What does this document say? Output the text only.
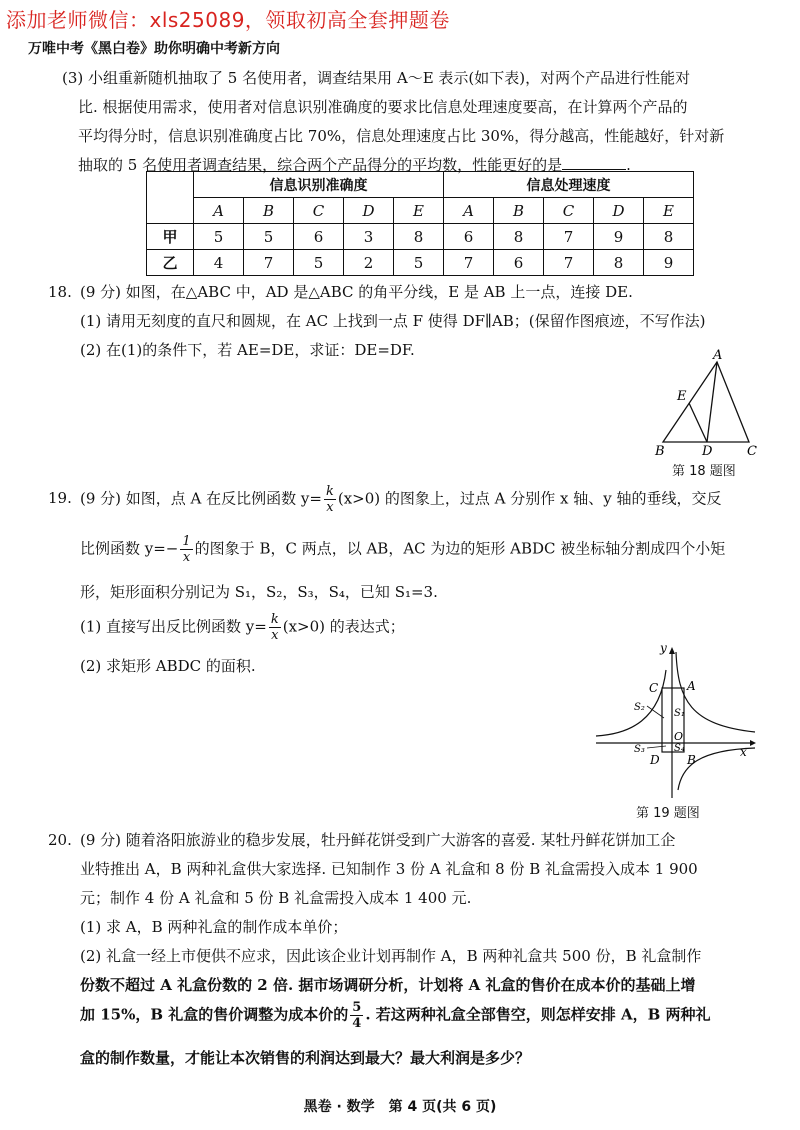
添加老师微信：xls25089，领取初高全套押题卷
万唯中考《黑白卷》助你明确中考新方向
(3) 小组重新随机抽取了 5 名使用者，调查结果用 A～E 表示(如下表)，对两个产品进行性能对
比. 根据使用需求，使用者对信息识别准确度的要求比信息处理速度要高，在计算两个产品的
平均得分时，信息识别准确度占比 70%，信息处理速度占比 30%，得分越高，性能越好，针对新
抽取的 5 名使用者调查结果，综合两个产品得分的平均数，性能更好的是	.
	信息识别准确度					信息处理速度				
	A	B	C	D	E	A	B	C	D	E
甲	5	5	6	3	8	6	8	7	9	8
乙	4	7	5	2	5	7	6	7	8	9
18. (9 分) 如图，在△ABC 中，AD 是△ABC 的角平分线，E 是 AB 上一点，连接 DE.
(1) 请用无刻度的直尺和圆规，在 AC 上找到一点 F 使得 DF∥AB；(保留作图痕迹，不写作法)
(2) 在(1)的条件下，若 AE=DE，求证：DE=DF.	A
E
B	D	C
第 18 题图
19. (9 分) 如图，点 A 在反比例函数 $y= \frac{k}{x} (x>0)$ 的图象上，过点 A 分别作 x 轴、y 轴的垂线，交反
比例函数 $y=- \frac{1}{x}$ 的图象于 B，C 两点，以 AB，AC 为边的矩形 ABDC 被坐标轴分割成四个小矩
形，矩形面积分别记为 S₁，S₂，S₃，S₄，已知 S₁=3.
(1) 直接写出反比例函数 $y= \frac{k}{x} (x>0)$ 的表达式；
(2) 求矩形 ABDC 的面积.
y
x
O
A
B
C
D
S₁
S₂
S₃	S₄
第 19 题图
20. (9 分) 随着洛阳旅游业的稳步发展，牡丹鲜花饼受到广大游客的喜爱. 某牡丹鲜花饼加工企
业特推出 A，B 两种礼盒供大家选择. 已知制作 3 份 A 礼盒和 8 份 B 礼盒需投入成本 1 900
元；制作 4 份 A 礼盒和 5 份 B 礼盒需投入成本 1 400 元.
(1) 求 A，B 两种礼盒的制作成本单价；
(2) 礼盒一经上市便供不应求，因此该企业计划再制作 A，B 两种礼盒共 500 份，B 礼盒制作
份数不超过 A 礼盒份数的 2 倍. 据市场调研分析，计划将 A 礼盒的售价在成本价的基础上增
加 15%，B 礼盒的售价调整为成本价的 $\frac{5}{4}$ . 若这两种礼盒全部售空，则怎样安排 A，B 两种礼
盒的制作数量，才能让本次销售的利润达到最大？最大利润是多少？
黑卷 · 数学　第 4 页(共 6 页)
